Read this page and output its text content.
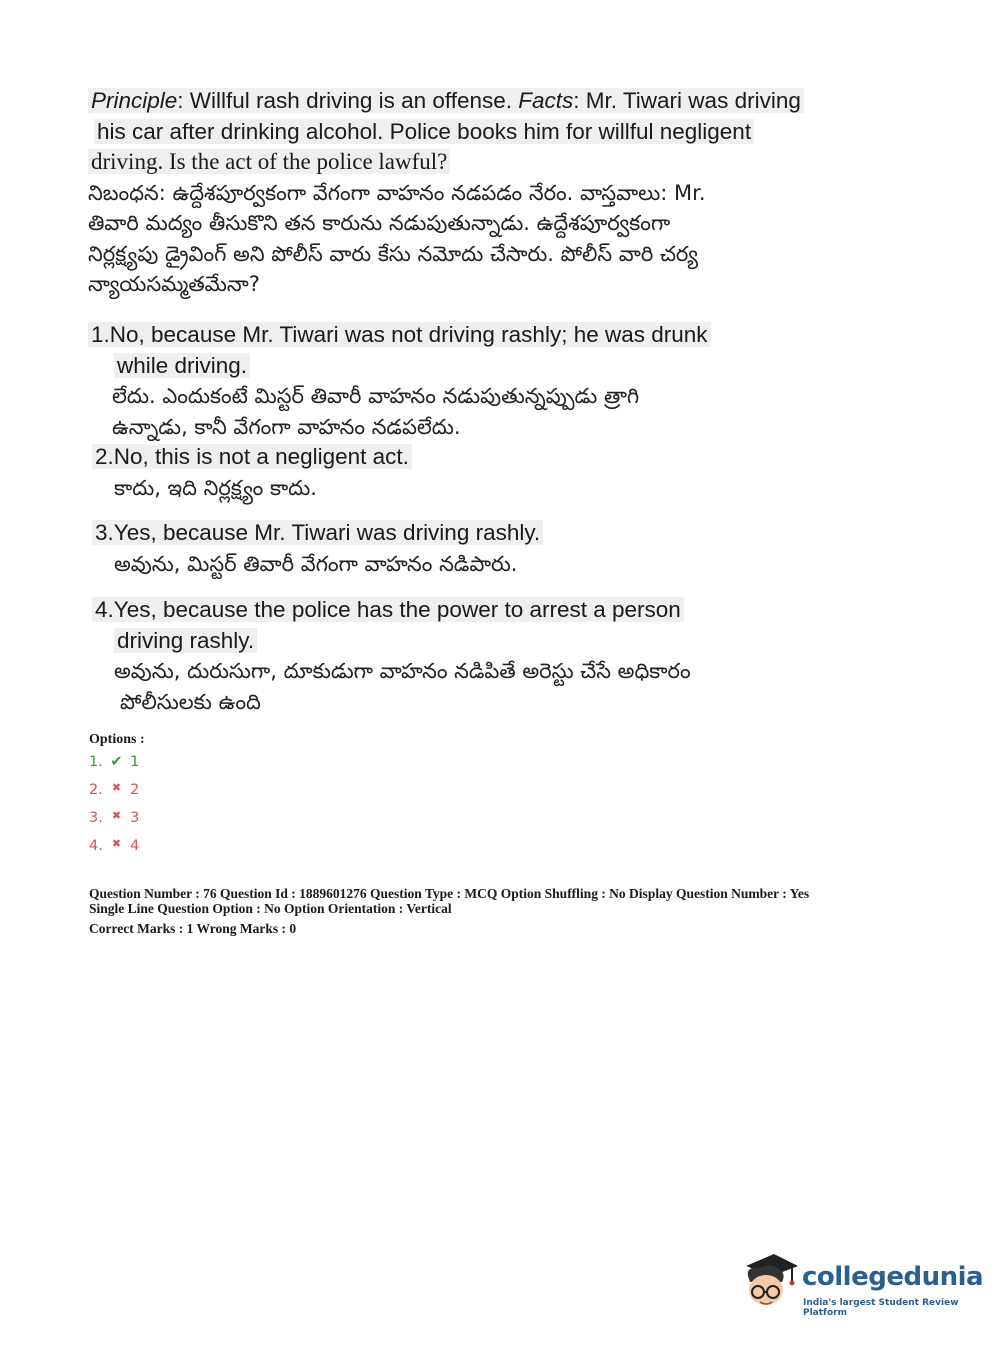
Principle: Willful rash driving is an offense. Facts: Mr. Tiwari was driving
his car after drinking alcohol. Police books him for willful negligent
driving. Is the act of the police lawful?
నిబంధన: ఉద్దేశపూర్వకంగా వేగంగా వాహనం నడపడం నేరం. వాస్తవాలు: Mr.
తివారి మద్యం తీసుకొని తన కారును నడుపుతున్నాడు. ఉద్దేశపూర్వకంగా
నిర్లక్ష్యపు డ్రైవింగ్ అని పోలీస్ వారు కేసు నమోదు చేసారు. పోలీస్ వారి చర్య
న్యాయసమ్మతమేనా?
1.No, because Mr. Tiwari was not driving rashly; he was drunk
while driving.
లేదు. ఎందుకంటే మిస్టర్ తివారీ వాహనం నడుపుతున్నప్పుడు త్రాగి
ఉన్నాడు, కానీ వేగంగా వాహనం నడపలేదు.
2.No, this is not a negligent act.
కాదు, ఇది నిర్లక్ష్యం కాదు.
3.Yes, because Mr. Tiwari was driving rashly.
అవును, మిస్టర్ తివారీ వేగంగా వాహనం నడిపారు.
4.Yes, because the police has the power to arrest a person
driving rashly.
అవును, దురుసుగా, దూకుడుగా వాహనం నడిపితే అరెస్టు చేసే అధికారం
పోలీసులకు ఉంది
Options :
1. ✔ 1
2. ✖ 2
3. ✖ 3
4. ✖ 4
Question Number : 76 Question Id : 1889601276 Question Type : MCQ Option Shuffling : No Display Question Number : Yes
Single Line Question Option : No Option Orientation : Vertical
Correct Marks : 1 Wrong Marks : 0
collegedunia
India's largest Student Review Platform
